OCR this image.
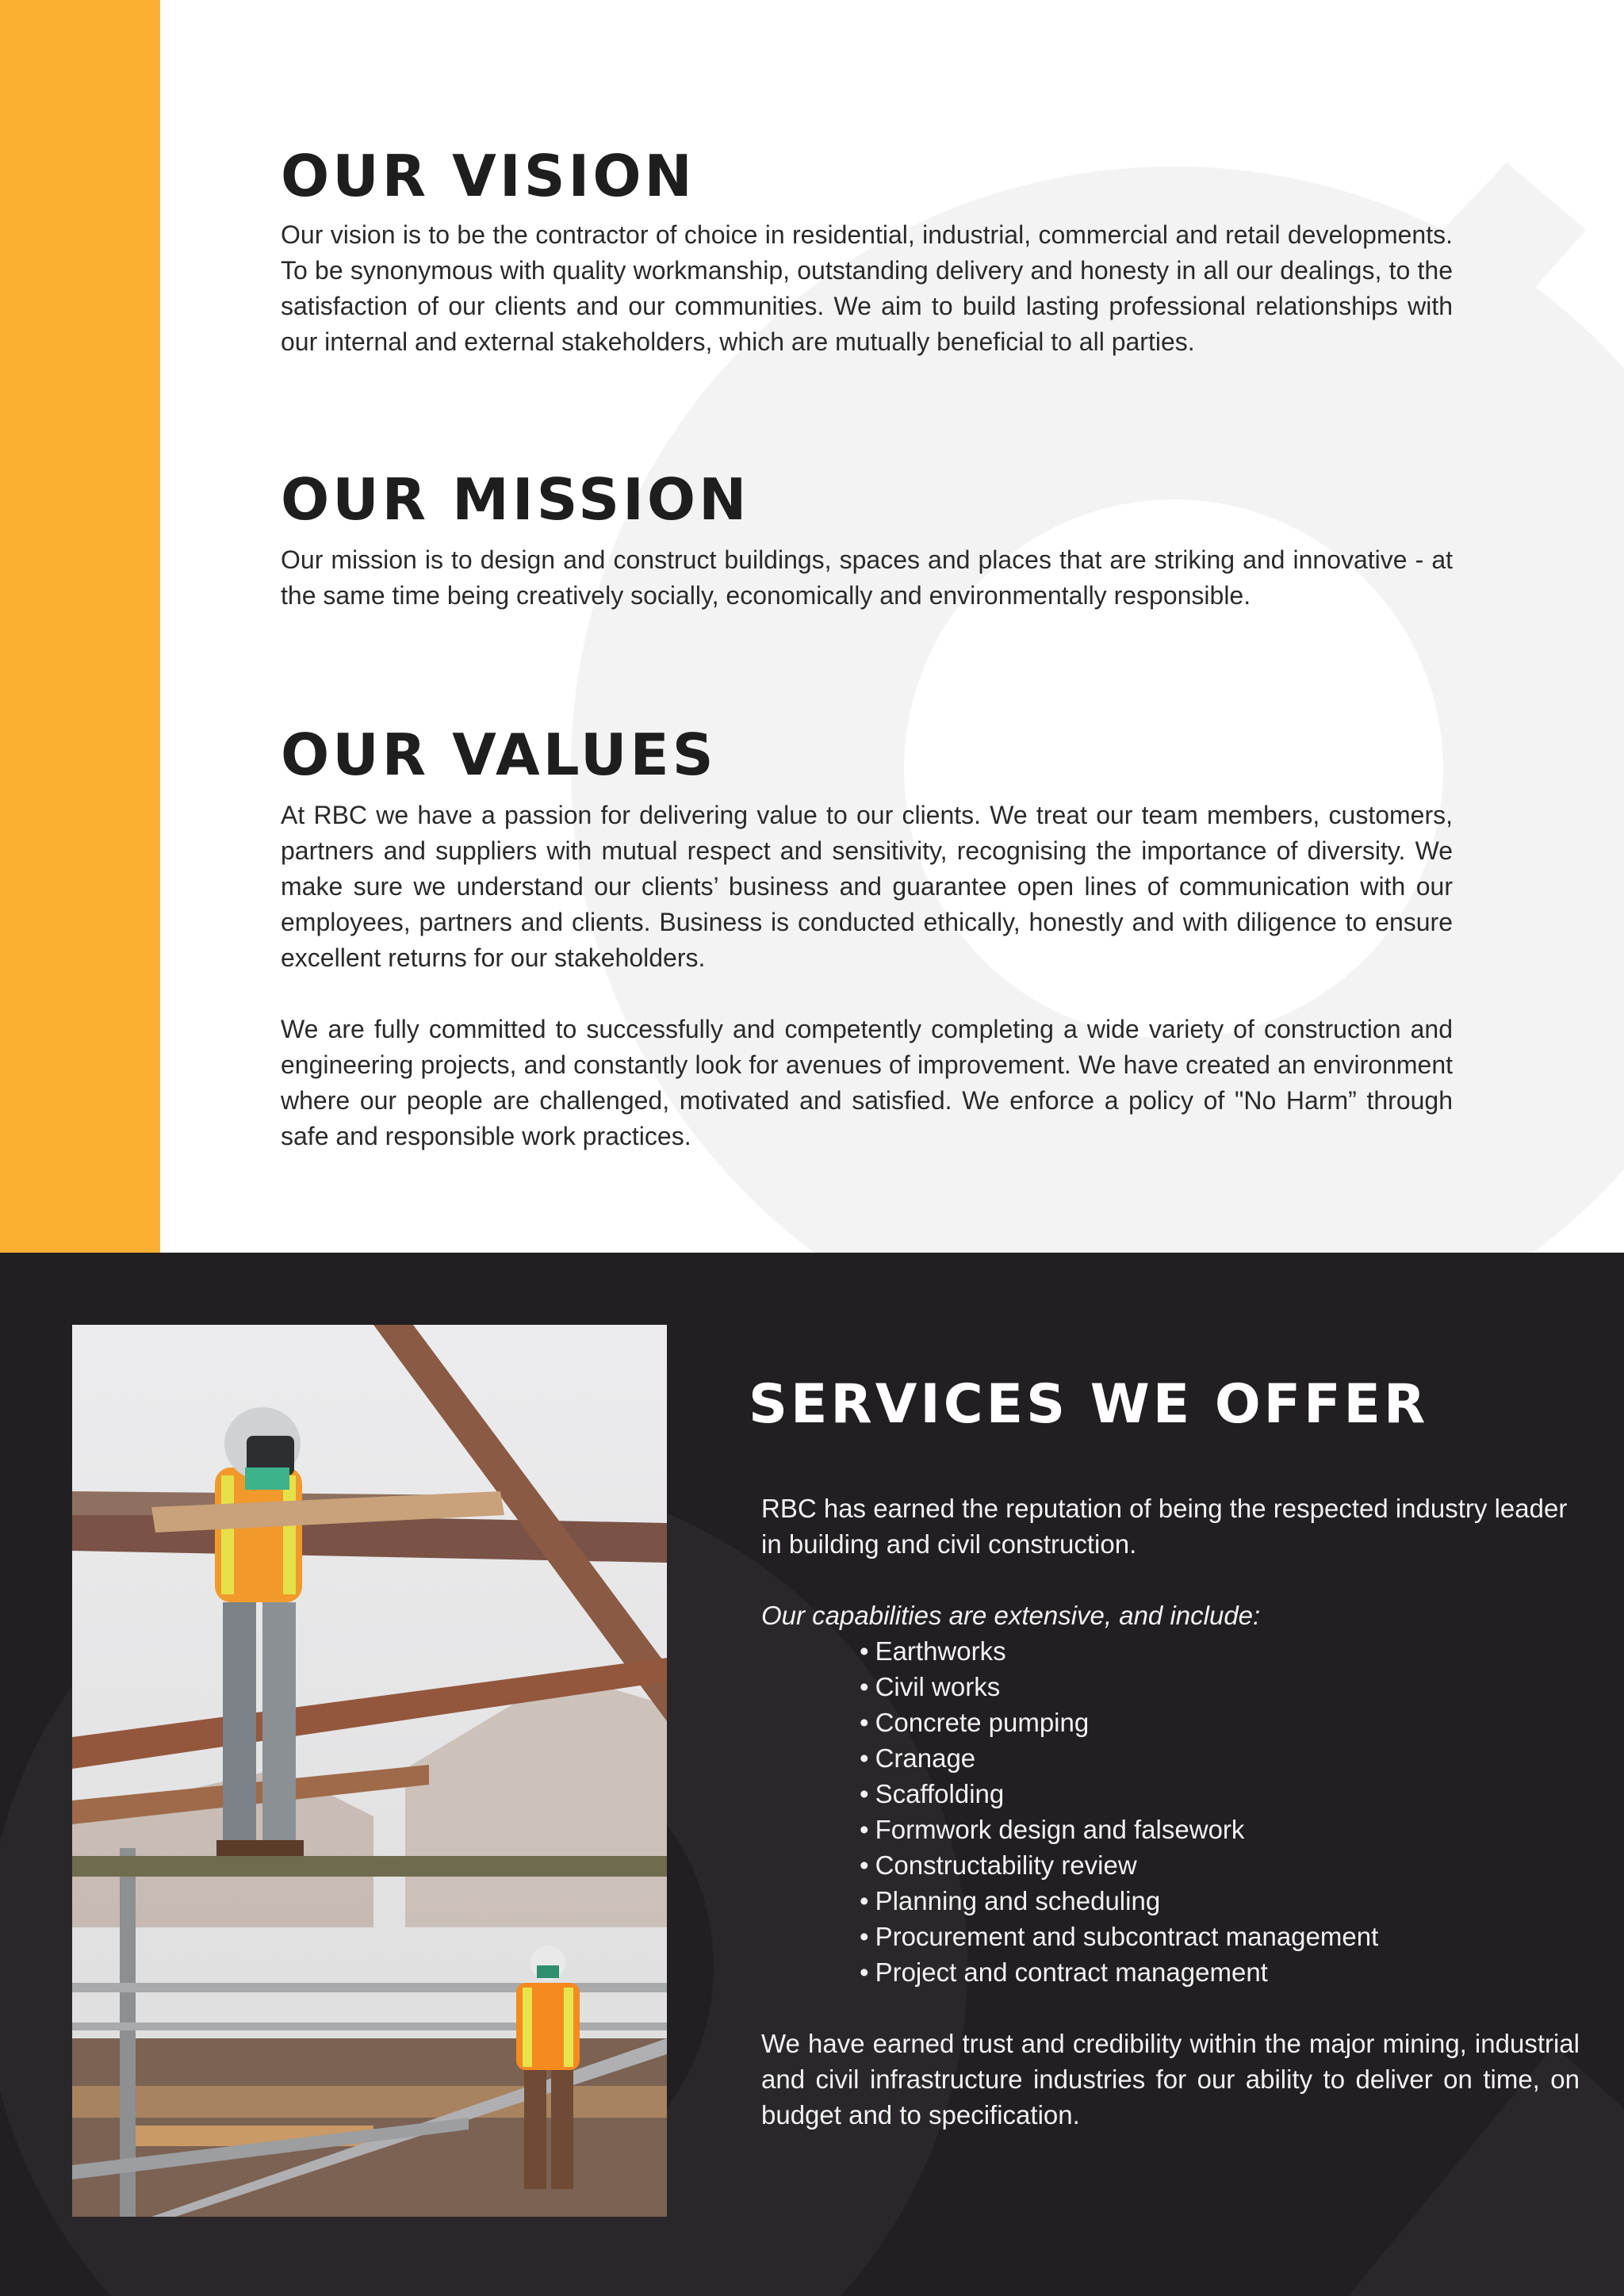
OUR VISION

Our vision is to be the contractor of choice in residential, industrial, commercial and retail developments. To be synonymous with quality workmanship, outstanding delivery and honesty in all our dealings, to the satisfaction of our clients and our communities. We aim to build lasting professional relationships with our internal and external stakeholders, which are mutually beneficial to all parties.

OUR MISSION

Our mission is to design and construct buildings, spaces and places that are striking and innovative - at the same time being creatively socially, economically and environmentally responsible.

OUR VALUES

At RBC we have a passion for delivering value to our clients. We treat our team members, customers, partners and suppliers with mutual respect and sensitivity, recognising the importance of diversity. We make sure we understand our clients’ business and guarantee open lines of communication with our employees, partners and clients. Business is conducted ethically, honestly and with diligence to ensure excellent returns for our stakeholders.

We are fully committed to successfully and competently completing a wide variety of construction and engineering projects, and constantly look for avenues of improvement. We have created an environment where our people are challenged, motivated and satisfied. We enforce a policy of "No Harm” through safe and responsible work practices.

SERVICES WE OFFER

RBC has earned the reputation of being the respected industry leader in building and civil construction.

Our capabilities are extensive, and include:

• Earthworks
• Civil works
• Concrete pumping
• Cranage
• Scaffolding
• Formwork design and falsework
• Constructability review
• Planning and scheduling
• Procurement and subcontract management
• Project and contract management

We have earned trust and credibility within the major mining, industrial and civil infrastructure industries for our ability to deliver on time, on budget and to specification.
